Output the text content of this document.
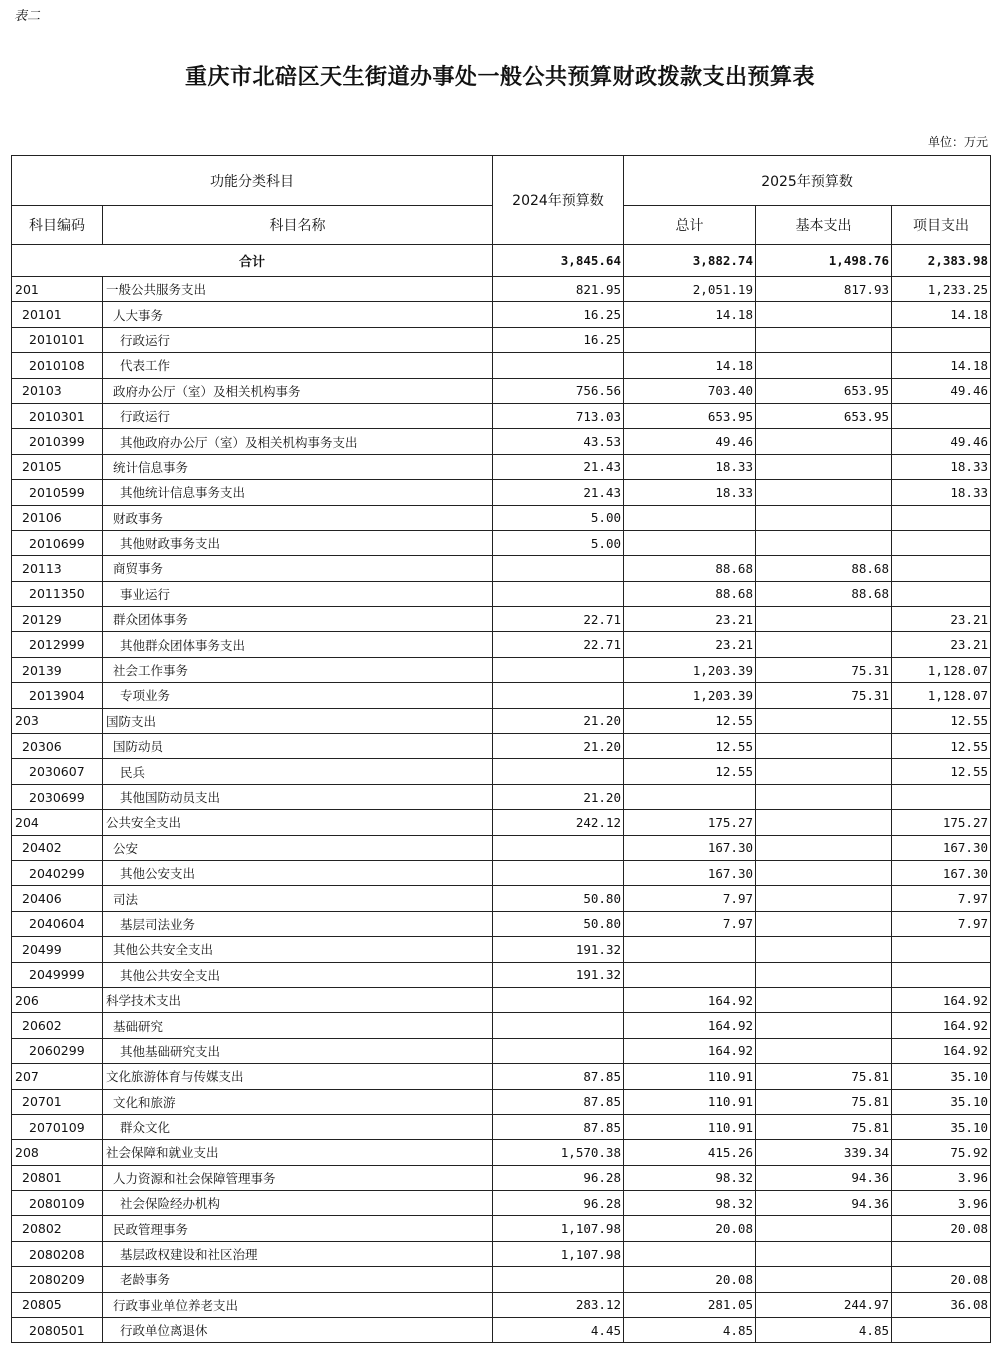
表二
重庆市北碚区天生街道办事处一般公共预算财政拨款支出预算表
单位：万元
功能分类科目		2024年预算数	2025年预算数		
科目编码	科目名称		总计	基本支出	项目支出
合计		3,845.64	3,882.74	1,498.76	2,383.98
201	一般公共服务支出	821.95	2,051.19	817.93	1,233.25
20101	人大事务	16.25	14.18		14.18
2010101	行政运行	16.25			
2010108	代表工作		14.18		14.18
20103	政府办公厅（室）及相关机构事务	756.56	703.40	653.95	49.46
2010301	行政运行	713.03	653.95	653.95	
2010399	其他政府办公厅（室）及相关机构事务支出	43.53	49.46		49.46
20105	统计信息事务	21.43	18.33		18.33
2010599	其他统计信息事务支出	21.43	18.33		18.33
20106	财政事务	5.00			
2010699	其他财政事务支出	5.00			
20113	商贸事务		88.68	88.68	
2011350	事业运行		88.68	88.68	
20129	群众团体事务	22.71	23.21		23.21
2012999	其他群众团体事务支出	22.71	23.21		23.21
20139	社会工作事务		1,203.39	75.31	1,128.07
2013904	专项业务		1,203.39	75.31	1,128.07
203	国防支出	21.20	12.55		12.55
20306	国防动员	21.20	12.55		12.55
2030607	民兵		12.55		12.55
2030699	其他国防动员支出	21.20			
204	公共安全支出	242.12	175.27		175.27
20402	公安		167.30		167.30
2040299	其他公安支出		167.30		167.30
20406	司法	50.80	7.97		7.97
2040604	基层司法业务	50.80	7.97		7.97
20499	其他公共安全支出	191.32			
2049999	其他公共安全支出	191.32			
206	科学技术支出		164.92		164.92
20602	基础研究		164.92		164.92
2060299	其他基础研究支出		164.92		164.92
207	文化旅游体育与传媒支出	87.85	110.91	75.81	35.10
20701	文化和旅游	87.85	110.91	75.81	35.10
2070109	群众文化	87.85	110.91	75.81	35.10
208	社会保障和就业支出	1,570.38	415.26	339.34	75.92
20801	人力资源和社会保障管理事务	96.28	98.32	94.36	3.96
2080109	社会保险经办机构	96.28	98.32	94.36	3.96
20802	民政管理事务	1,107.98	20.08		20.08
2080208	基层政权建设和社区治理	1,107.98			
2080209	老龄事务		20.08		20.08
20805	行政事业单位养老支出	283.12	281.05	244.97	36.08
2080501	行政单位离退休	4.45	4.85	4.85	
